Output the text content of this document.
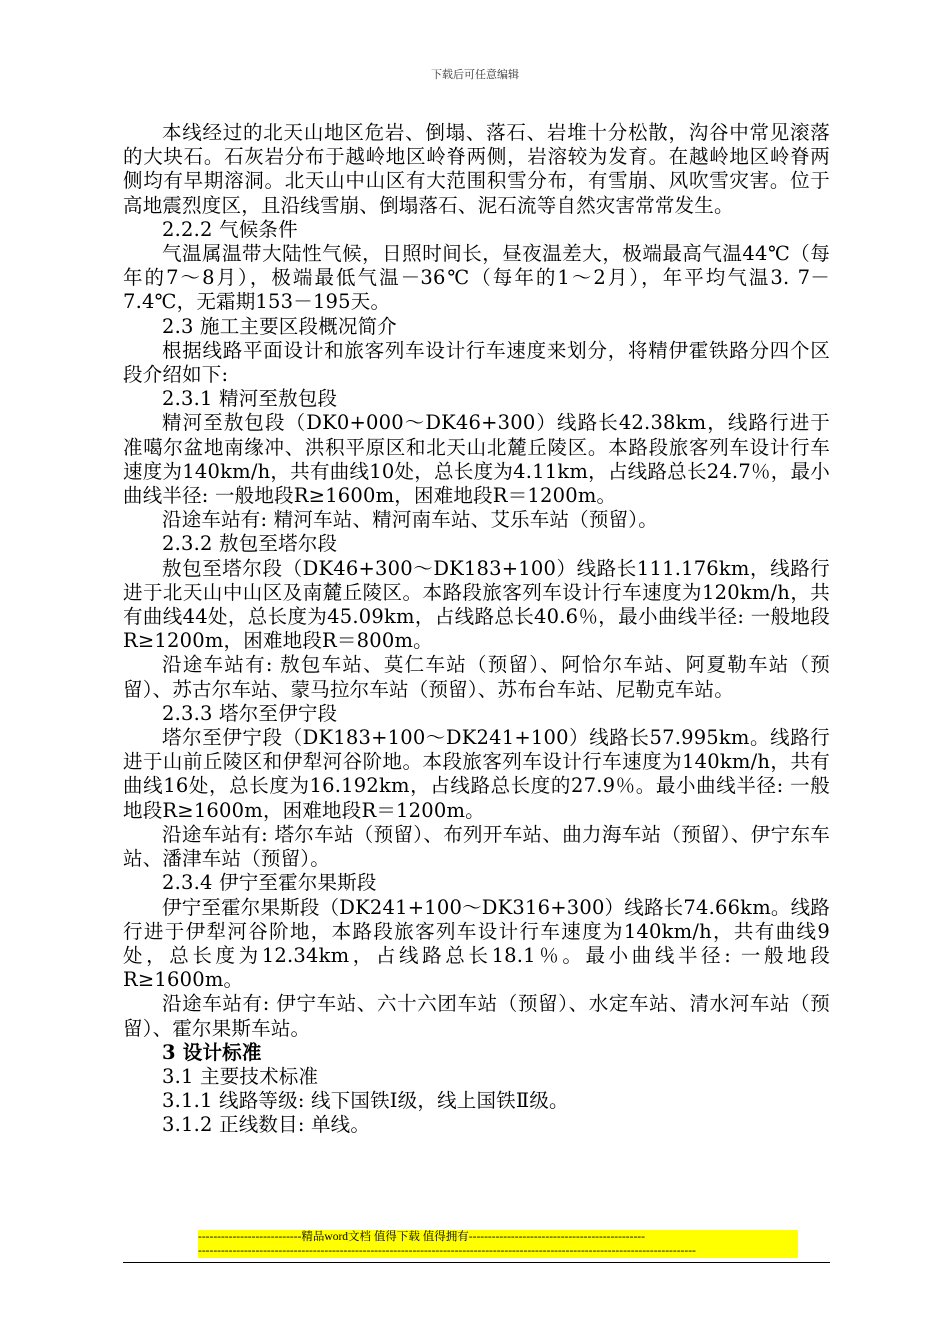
下载后可任意编辑

本线经过的北天山地区危岩、倒塌、落石、岩堆十分松散，沟谷中常见滚落的大块石。石灰岩分布于越岭地区岭脊两侧，岩溶较为发育。在越岭地区岭脊两侧均有早期溶洞。北天山中山区有大范围积雪分布，有雪崩、风吹雪灾害。位于高地震烈度区，且沿线雪崩、倒塌落石、泥石流等自然灾害常常发生。

2.2.2 气候条件

气温属温带大陆性气候，日照时间长，昼夜温差大，极端最高气温44℃（每年的7～8月），极端最低气温－36℃（每年的1～2月），年平均气温3. 7－7.4℃，无霜期153－195天。

2.3 施工主要区段概况简介

根据线路平面设计和旅客列车设计行车速度来划分，将精伊霍铁路分四个区段介绍如下:

2.3.1 精河至敖包段

精河至敖包段（DK0+000～DK46+300）线路长42.38km，线路行进于准噶尔盆地南缘冲、洪积平原区和北天山北麓丘陵区。本路段旅客列车设计行车速度为140km/h，共有曲线10处，总长度为4.11km，占线路总长24.7％，最小曲线半径: 一般地段R≥1600m，困难地段R＝1200m。

沿途车站有: 精河车站、精河南车站、艾乐车站（预留）。

2.3.2 敖包至塔尔段

敖包至塔尔段（DK46+300～DK183+100）线路长111.176km，线路行进于北天山中山区及南麓丘陵区。本路段旅客列车设计行车速度为120km/h，共有曲线44处，总长度为45.09km，占线路总长40.6％，最小曲线半径: 一般地段R≥1200m，困难地段R＝800m。

沿途车站有: 敖包车站、莫仁车站（预留）、阿恰尔车站、阿夏勒车站（预留）、苏古尔车站、蒙马拉尔车站（预留）、苏布台车站、尼勒克车站。

2.3.3 塔尔至伊宁段

塔尔至伊宁段（DK183+100～DK241+100）线路长57.995km。线路行进于山前丘陵区和伊犁河谷阶地。本段旅客列车设计行车速度为140km/h，共有曲线16处，总长度为16.192km，占线路总长度的27.9％。最小曲线半径: 一般地段R≥1600m，困难地段R＝1200m。

沿途车站有: 塔尔车站（预留）、布列开车站、曲力海车站（预留）、伊宁东车站、潘津车站（预留）。

2.3.4 伊宁至霍尔果斯段

伊宁至霍尔果斯段（DK241+100～DK316+300）线路长74.66km。线路行进于伊犁河谷阶地，本路段旅客列车设计行车速度为140km/h，共有曲线9处，总长度为12.34km，占线路总长18.1％。最小曲线半径: 一般地段R≥1600m。

沿途车站有: 伊宁车站、六十六团车站（预留）、水定车站、清水河车站（预留）、霍尔果斯车站。

3 设计标准

3.1 主要技术标准

3.1.1 线路等级: 线下国铁Ⅰ级，线上国铁Ⅱ级。

3.1.2 正线数目: 单线。

---------------------------精品word文档 值得下载 值得拥有----------------------------------------------
----------------------------------------------------------------------------------------------------------------------------------
